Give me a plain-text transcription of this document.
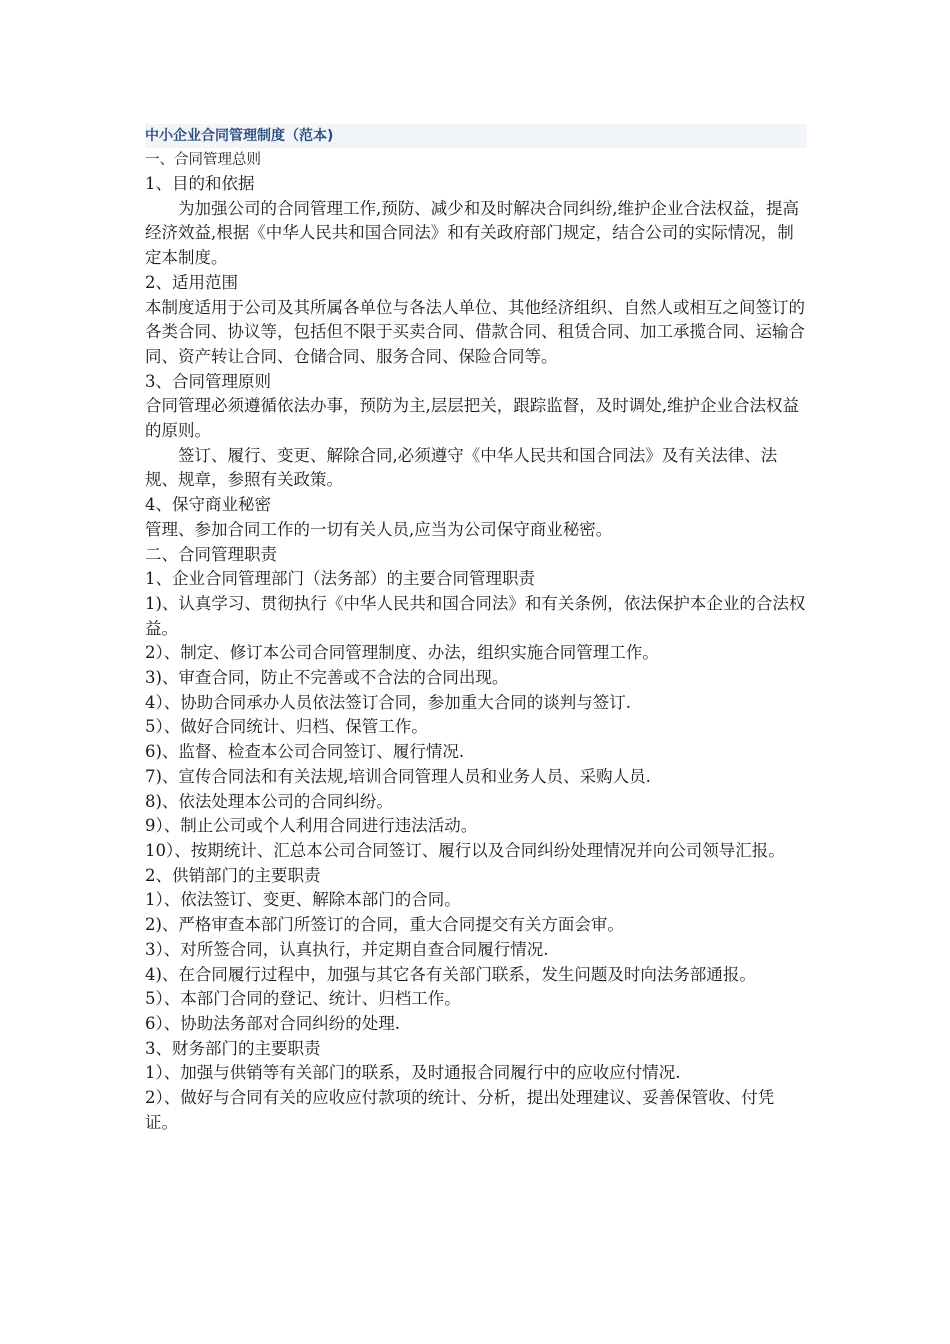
中小企业合同管理制度（范本)

一、合同管理总则

1、目的和依据

为加强公司的合同管理工作,预防、减少和及时解决合同纠纷,维护企业合法权益，提高经济效益,根据《中华人民共和国合同法》和有关政府部门规定，结合公司的实际情况，制定本制度。

2、适用范围

本制度适用于公司及其所属各单位与各法人单位、其他经济组织、自然人或相互之间签订的各类合同、协议等，包括但不限于买卖合同、借款合同、租赁合同、加工承揽合同、运输合同、资产转让合同、仓储合同、服务合同、保险合同等。

3、合同管理原则

合同管理必须遵循依法办事，预防为主,层层把关，跟踪监督，及时调处,维护企业合法权益的原则。

签订、履行、变更、解除合同,必须遵守《中华人民共和国合同法》及有关法律、法规、规章，参照有关政策。

4、保守商业秘密

管理、参加合同工作的一切有关人员,应当为公司保守商业秘密。

二、合同管理职责

1、企业合同管理部门（法务部）的主要合同管理职责

1)、认真学习、贯彻执行《中华人民共和国合同法》和有关条例，依法保护本企业的合法权益。

2）、制定、修订本公司合同管理制度、办法，组织实施合同管理工作。

3)、审查合同，防止不完善或不合法的合同出现。

4）、协助合同承办人员依法签订合同，参加重大合同的谈判与签订.

5）、做好合同统计、归档、保管工作。

6)、监督、检查本公司合同签订、履行情况.

7)、宣传合同法和有关法规,培训合同管理人员和业务人员、采购人员.

8)、依法处理本公司的合同纠纷。

9）、制止公司或个人利用合同进行违法活动。

10）、按期统计、汇总本公司合同签订、履行以及合同纠纷处理情况并向公司领导汇报。

2、供销部门的主要职责

1）、依法签订、变更、解除本部门的合同。

2)、严格审查本部门所签订的合同，重大合同提交有关方面会审。

3）、对所签合同，认真执行，并定期自查合同履行情况.

4)、在合同履行过程中，加强与其它各有关部门联系，发生问题及时向法务部通报。

5）、本部门合同的登记、统计、归档工作。

6）、协助法务部对合同纠纷的处理.

3、财务部门的主要职责

1）、加强与供销等有关部门的联系，及时通报合同履行中的应收应付情况.

2）、做好与合同有关的应收应付款项的统计、分析，提出处理建议、妥善保管收、付凭证。
